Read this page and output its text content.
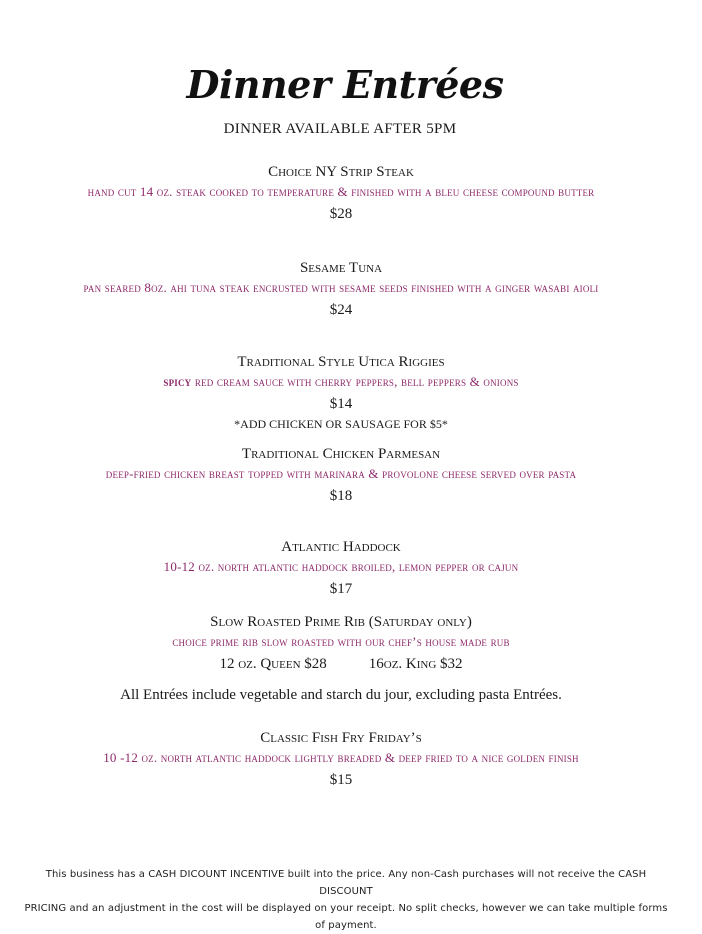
Dinner Entrées
DINNER AVAILABLE AFTER 5PM
Choice NY Strip Steak
hand cut 14 oz. steak cooked to temperature & finished with a bleu cheese compound butter
$28
Sesame Tuna
pan seared 8oz. ahi tuna steak encrusted with sesame seeds finished with a ginger wasabi aioli
$24
Traditional Style Utica Riggies
spicy red cream sauce with cherry peppers, bell peppers & onions
$14
*ADD CHICKEN OR SAUSAGE FOR $5*
Traditional Chicken Parmesan
deep-fried chicken breast topped with marinara & provolone cheese served over pasta
$18
Atlantic Haddock
10-12 oz. north atlantic haddock broiled, lemon pepper or cajun
$17
Slow Roasted Prime Rib (Saturday only)
choice prime rib slow roasted with our chef’s house made rub
12 oz. Queen $28	16oz. King $32
All Entrées include vegetable and starch du jour, excluding pasta Entrées.
Classic Fish Fry Friday’s
10 -12 oz. north atlantic haddock lightly breaded & deep fried to a nice golden finish
$15
This business has a CASH DICOUNT INCENTIVE built into the price. Any non-Cash purchases will not receive the CASH DISCOUNT
PRICING and an adjustment in the cost will be displayed on your receipt. No split checks, however we can take multiple forms of payment.
